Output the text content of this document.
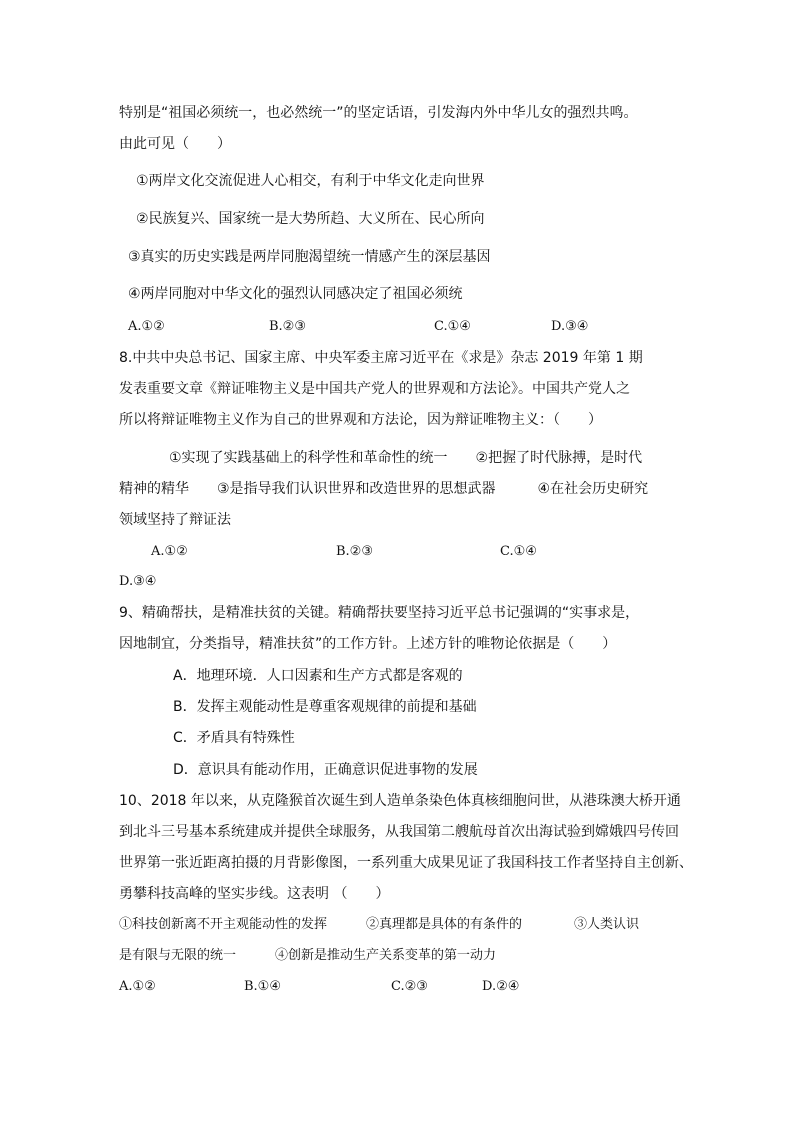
特别是“祖国必须统一，也必然统一”的坚定话语，引发海内外中华儿女的强烈共鸣。
由此可见（　　）
①两岸文化交流促进人心相交，有利于中华文化走向世界
②民族复兴、国家统一是大势所趋、大义所在、民心所向
③真实的历史实践是两岸同胞渴望统一情感产生的深层基因
④两岸同胞对中华文化的强烈认同感决定了祖国必须统
A.①②	B.②③	C.①④	D.③④
8.中共中央总书记、国家主席、中央军委主席习近平在《求是》杂志 2019 年第 1 期
发表重要文章《辩证唯物主义是中国共产党人的世界观和方法论》。中国共产党人之
所以将辩证唯物主义作为自己的世界观和方法论，因为辩证唯物主义：（　　）
①实现了实践基础上的科学性和革命性的统一　　②把握了时代脉搏，是时代
精神的精华　　③是指导我们认识世界和改造世界的思想武器　　　④在社会历史研究
领域坚持了辩证法
A.①②	B.②③	C.①④
D.③④
9、精确帮扶，是精准扶贫的关键。精确帮扶要坚持习近平总书记强调的“实事求是，
因地制宜，分类指导，精准扶贫”的工作方针。上述方针的唯物论依据是（　　）
A．地理环境．人口因素和生产方式都是客观的
B．发挥主观能动性是尊重客观规律的前提和基础
C．矛盾具有特殊性
D．意识具有能动作用，正确意识促进事物的发展
10、2018 年以来，从克隆猴首次诞生到人造单条染色体真核细胞问世，从港珠澳大桥开通
到北斗三号基本系统建成并提供全球服务，从我国第二艘航母首次出海试验到嫦娥四号传回
世界第一张近距离拍摄的月背影像图，一系列重大成果见证了我国科技工作者坚持自主创新、
勇攀科技高峰的坚实步线。这表明 （　　）
①科技创新离不开主观能动性的发挥　　　②真理都是具体的有条件的　　　　③人类认识
是有限与无限的统一　　　④创新是推动生产关系变革的第一动力
A.①②	B.①④	C.②③	D.②④
